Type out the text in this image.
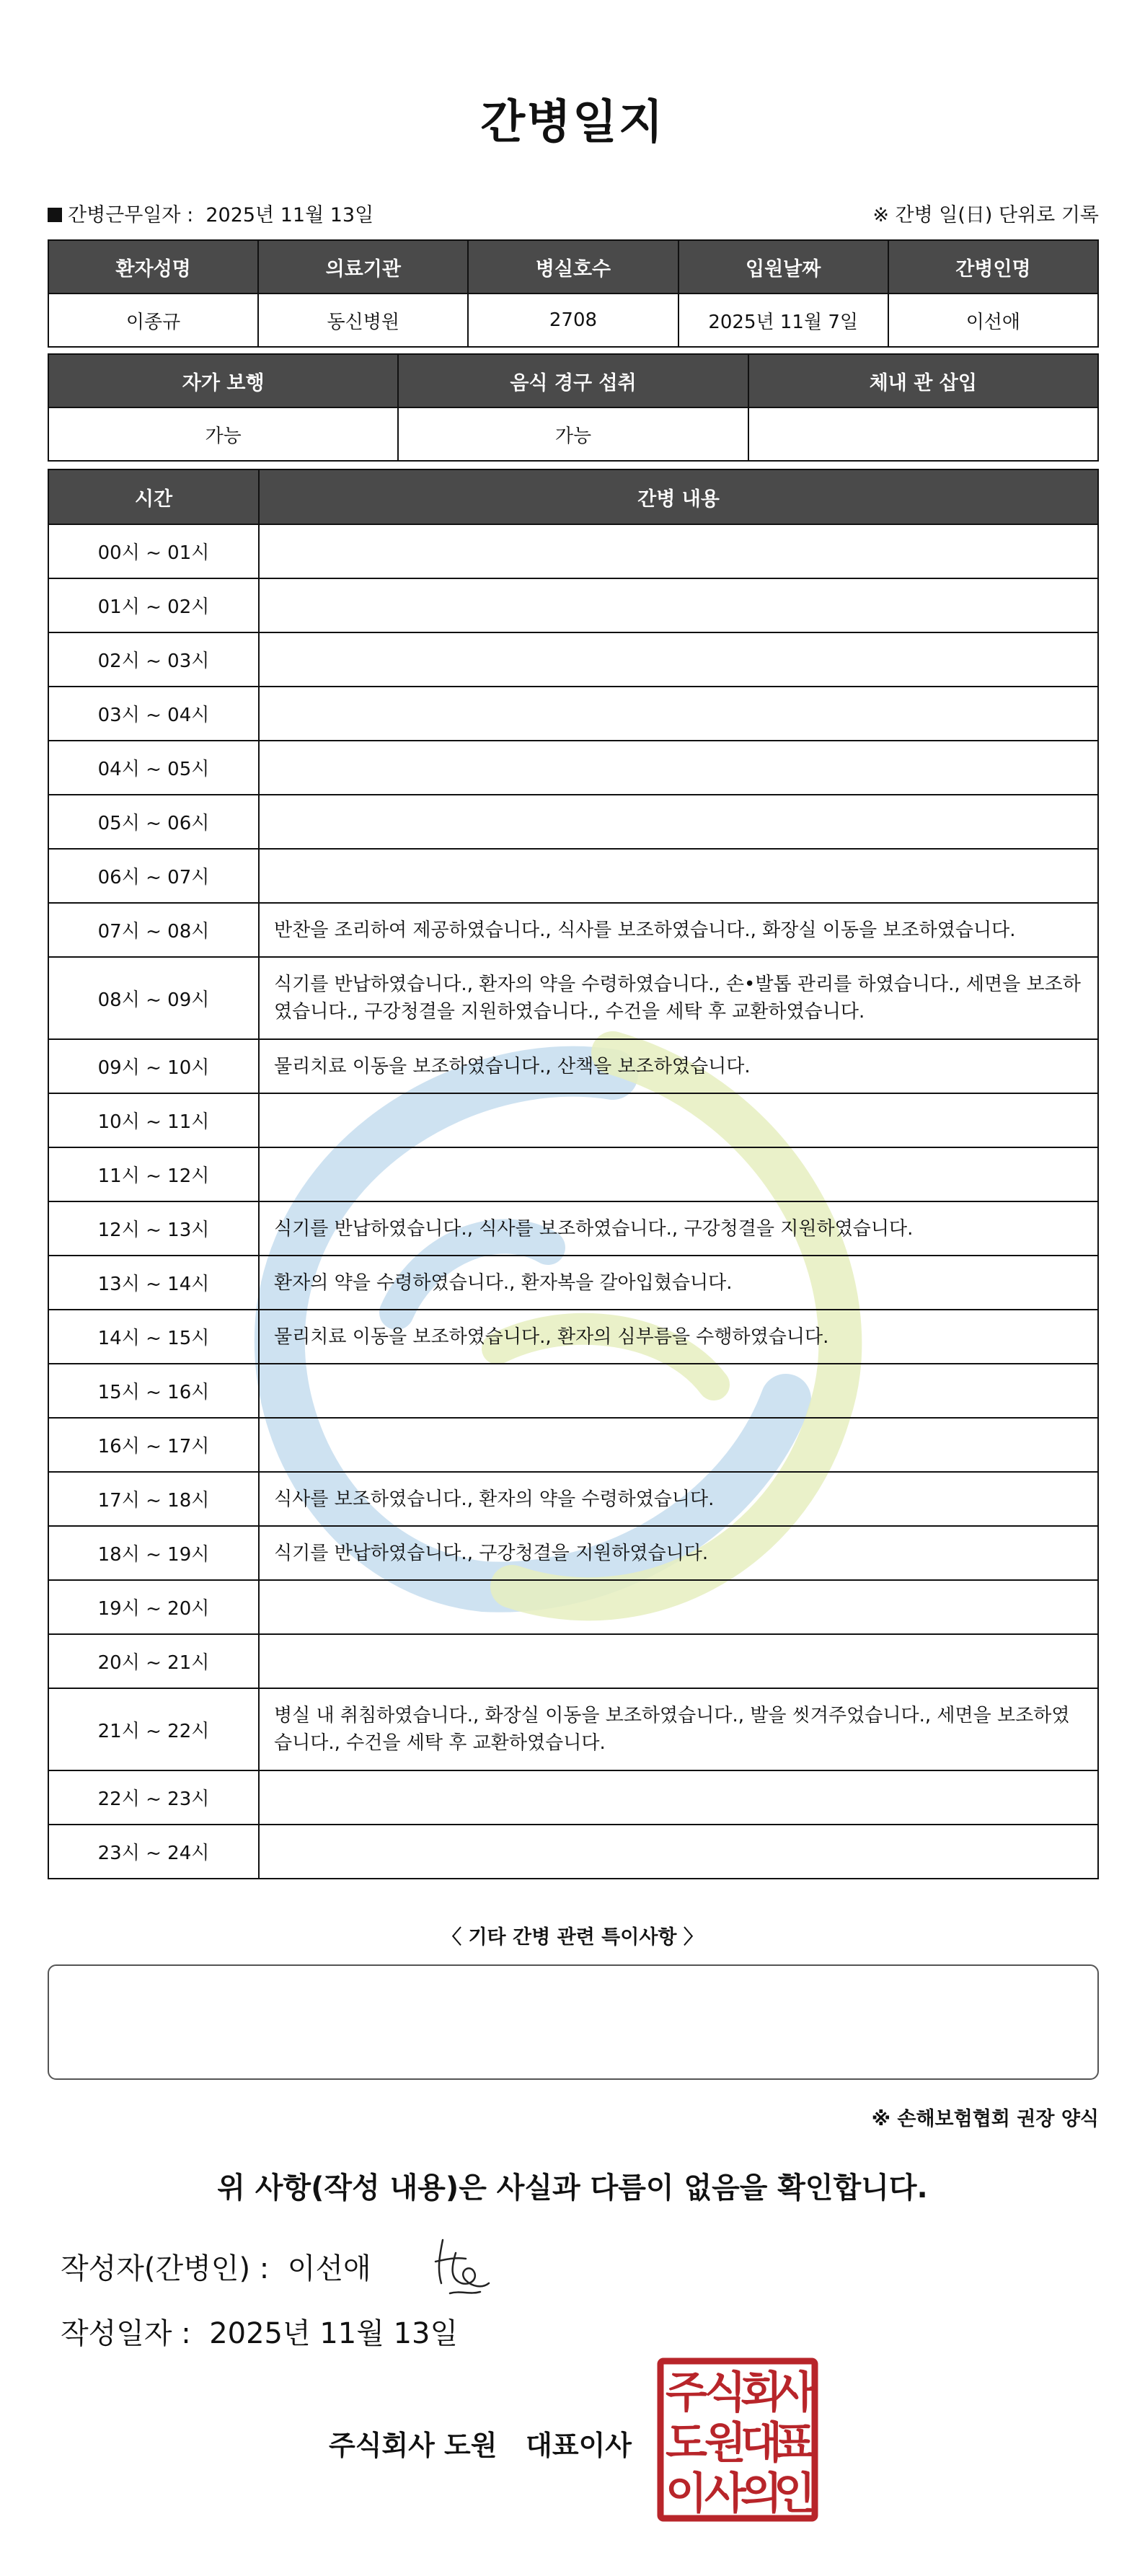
간병일지
간병근무일자 : 2025년 11월 13일	※ 간병 일(日) 단위로 기록
환자성명	의료기관	병실호수	입원날짜	간병인명
이종규	동신병원	2708	2025년 11월 7일	이선애
자가 보행	음식 경구 섭취	체내 관 삽입
가능	가능	
시간	간병 내용
00시 ~ 01시	
01시 ~ 02시	
02시 ~ 03시	
03시 ~ 04시	
04시 ~ 05시	
05시 ~ 06시	
06시 ~ 07시	
07시 ~ 08시	반찬을 조리하여 제공하였습니다., 식사를 보조하였습니다., 화장실 이동을 보조하였습니다.
08시 ~ 09시	식기를 반납하였습니다., 환자의 약을 수령하였습니다., 손•발톱 관리를 하였습니다., 세면을 보조하였습니다., 구강청결을 지원하였습니다., 수건을 세탁 후 교환하였습니다.
09시 ~ 10시	물리치료 이동을 보조하였습니다., 산책을 보조하였습니다.
10시 ~ 11시	
11시 ~ 12시	
12시 ~ 13시	식기를 반납하였습니다., 식사를 보조하였습니다., 구강청결을 지원하였습니다.
13시 ~ 14시	환자의 약을 수령하였습니다., 환자복을 갈아입혔습니다.
14시 ~ 15시	물리치료 이동을 보조하였습니다., 환자의 심부름을 수행하였습니다.
15시 ~ 16시	
16시 ~ 17시	
17시 ~ 18시	식사를 보조하였습니다., 환자의 약을 수령하였습니다.
18시 ~ 19시	식기를 반납하였습니다., 구강청결을 지원하였습니다.
19시 ~ 20시	
20시 ~ 21시	
21시 ~ 22시	병실 내 취침하였습니다., 화장실 이동을 보조하였습니다., 발을 씻겨주었습니다., 세면을 보조하였습니다., 수건을 세탁 후 교환하였습니다.
22시 ~ 23시	
23시 ~ 24시	
〈 기타 간병 관련 특이사항 〉
※ 손해보험협회 권장 양식
위 사항(작성 내용)은 사실과 다름이 없음을 확인합니다.
작성자(간병인) : 이선애
작성일자 : 2025년 11월 13일
주식회사 도원   대표이사
주
식
회
사
도
원
대
표
이
사
의
인
